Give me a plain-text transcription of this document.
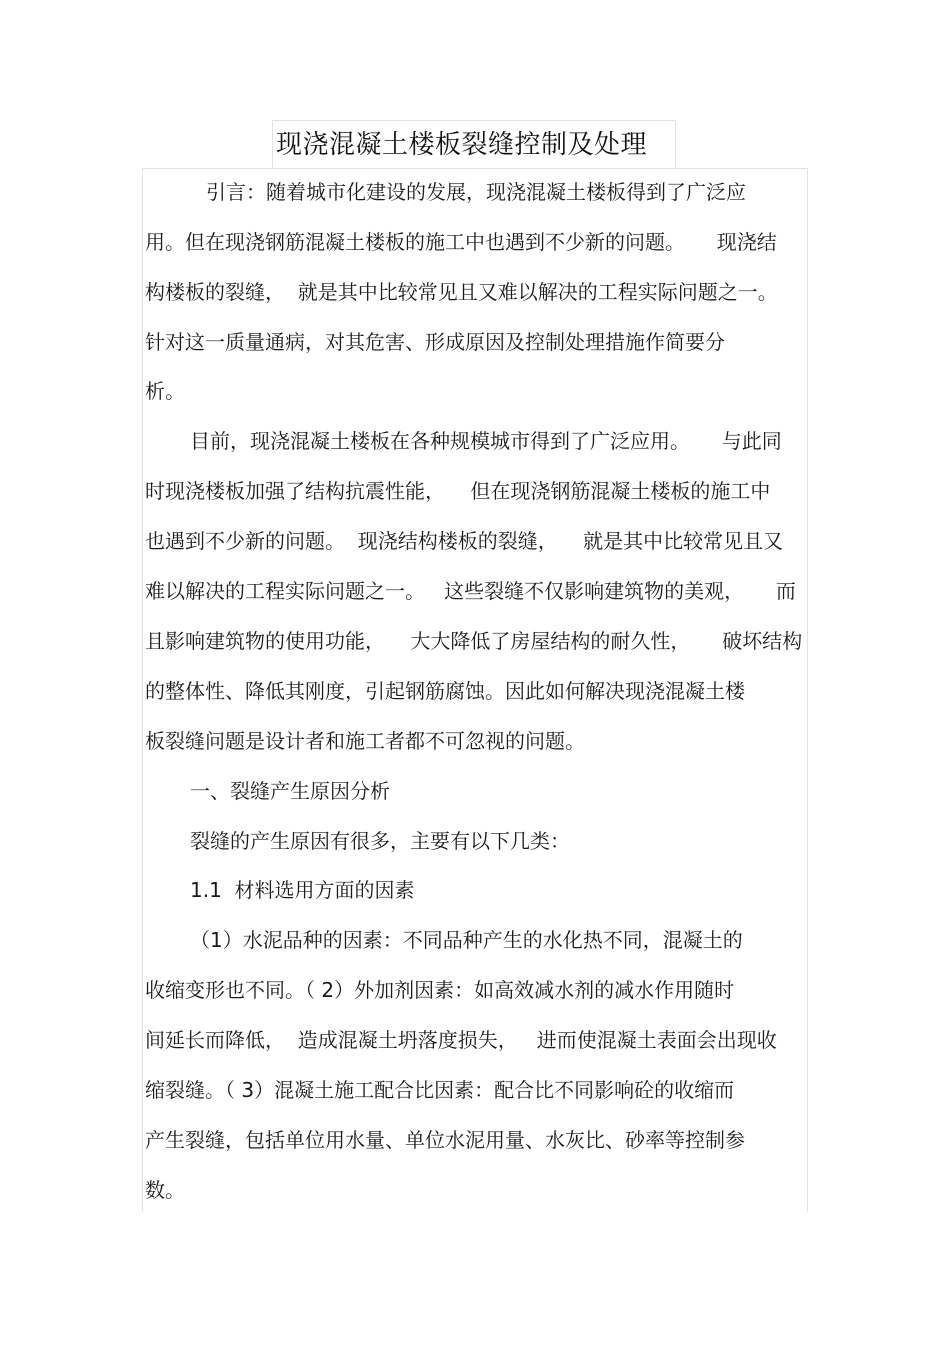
现浇混凝土楼板裂缝控制及处理
引言：随着城市化建设的发展，现浇混凝土楼板得到了广泛应
用。但在现浇钢筋混凝土楼板的施工中也遇到不少新的问题。     现浇结
构楼板的裂缝，  就是其中比较常见且又难以解决的工程实际问题之一。
针对这一质量通病，对其危害、形成原因及控制处理措施作简要分
析。
目前，现浇混凝土楼板在各种规模城市得到了广泛应用。     与此同
时现浇楼板加强了结构抗震性能，    但在现浇钢筋混凝土楼板的施工中
也遇到不少新的问题。  现浇结构楼板的裂缝，    就是其中比较常见且又
难以解决的工程实际问题之一。   这些裂缝不仅影响建筑物的美观，     而
且影响建筑物的使用功能，    大大降低了房屋结构的耐久性，     破坏结构
的整体性、降低其刚度，引起钢筋腐蚀。因此如何解决现浇混凝土楼
板裂缝问题是设计者和施工者都不可忽视的问题。
一、裂缝产生原因分析
裂缝的产生原因有很多，主要有以下几类：
1.1  材料选用方面的因素
（1）水泥品种的因素：不同品种产生的水化热不同，混凝土的
收缩变形也不同。（ 2）外加剂因素：如高效减水剂的减水作用随时
间延长而降低，  造成混凝土坍落度损失，   进而使混凝土表面会出现收
缩裂缝。（ 3）混凝土施工配合比因素：配合比不同影响砼的收缩而
产生裂缝，包括单位用水量、单位水泥用量、水灰比、砂率等控制参
数。
